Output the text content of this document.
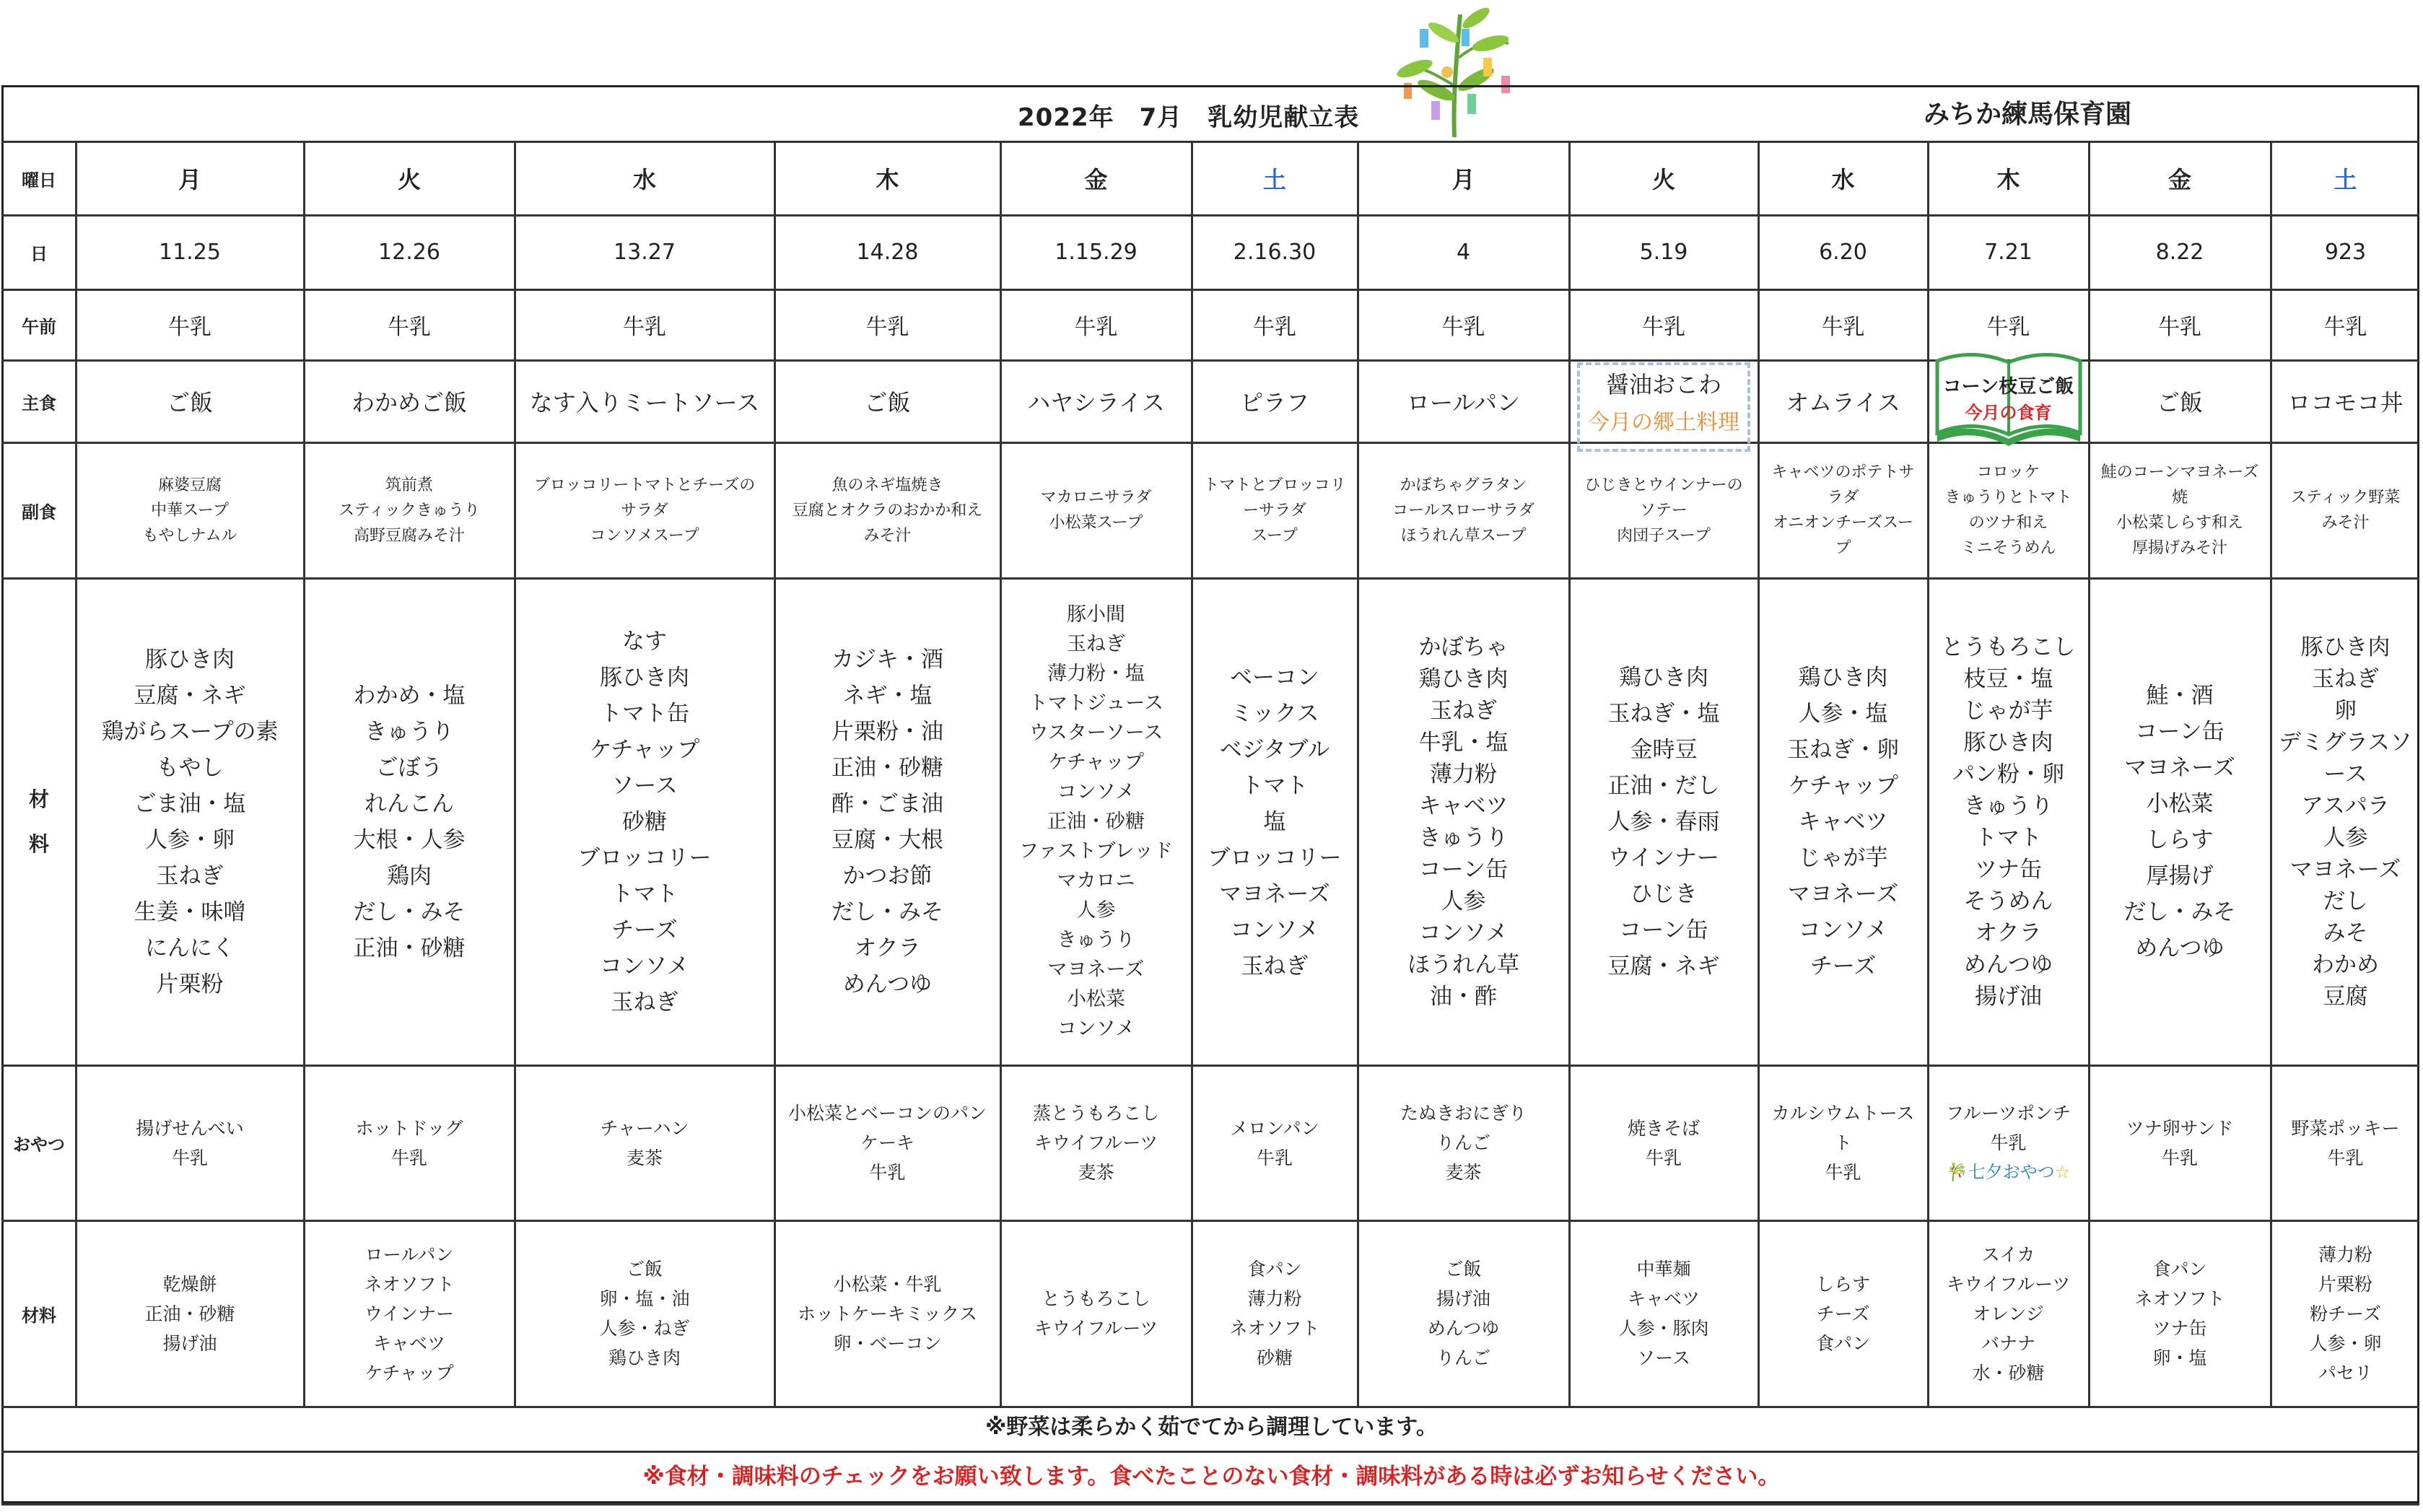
2022年　7月　乳幼児献立表	みちか練馬保育園
曜日
日
午前
主食
副食
おやつ
材料
材
料
月
11.25
牛乳
ご飯
麻婆豆腐
中華スープ
もやしナムル
豚ひき肉
豆腐・ネギ
鶏がらスープの素
もやし
ごま油・塩
人参・卵
玉ねぎ
生姜・味噌
にんにく
片栗粉
揚げせんべい
牛乳
乾燥餅
正油・砂糖
揚げ油
火
12.26
牛乳
わかめご飯
筑前煮
スティックきゅうり
高野豆腐みそ汁
わかめ・塩
きゅうり
ごぼう
れんこん
大根・人参
鶏肉
だし・みそ
正油・砂糖
ホットドッグ
牛乳
ロールパン
ネオソフト
ウインナー
キャベツ
ケチャップ
水
13.27
牛乳
なす入りミートソース
ブロッコリートマトとチーズの
サラダ
コンソメスープ
なす
豚ひき肉
トマト缶
ケチャップ
ソース
砂糖
ブロッコリー
トマト
チーズ
コンソメ
玉ねぎ
チャーハン
麦茶
ご飯
卵・塩・油
人参・ねぎ
鶏ひき肉
木
14.28
牛乳
ご飯
魚のネギ塩焼き
豆腐とオクラのおかか和え
みそ汁
カジキ・酒
ネギ・塩
片栗粉・油
正油・砂糖
酢・ごま油
豆腐・大根
かつお節
だし・みそ
オクラ
めんつゆ
小松菜とベーコンのパン
ケーキ
牛乳
小松菜・牛乳
ホットケーキミックス
卵・ベーコン
金
1.15.29
牛乳
ハヤシライス
マカロニサラダ
小松菜スープ
豚小間
玉ねぎ
薄力粉・塩
トマトジュース
ウスターソース
ケチャップ
コンソメ
正油・砂糖
ファストブレッド
マカロニ
人参
きゅうり
マヨネーズ
小松菜
コンソメ
蒸とうもろこし
キウイフルーツ
麦茶
とうもろこし
キウイフルーツ
土
2.16.30
牛乳
ピラフ
トマトとブロッコリ
ーサラダ
スープ
ベーコン
ミックス
ベジタブル
トマト
塩
ブロッコリー
マヨネーズ
コンソメ
玉ねぎ
メロンパン
牛乳
食パン
薄力粉
ネオソフト
砂糖
月
4
牛乳
ロールパン
かぼちゃグラタン
コールスローサラダ
ほうれん草スープ
かぼちゃ
鶏ひき肉
玉ねぎ
牛乳・塩
薄力粉
キャベツ
きゅうり
コーン缶
人参
コンソメ
ほうれん草
油・酢
たぬきおにぎり
りんご
麦茶
ご飯
揚げ油
めんつゆ
りんご
火
5.19
牛乳
醤油おこわ
今月の郷土料理
ひじきとウインナーの
ソテー
肉団子スープ
鶏ひき肉
玉ねぎ・塩
金時豆
正油・だし
人参・春雨
ウインナー
ひじき
コーン缶
豆腐・ネギ
焼きそば
牛乳
中華麺
キャベツ
人参・豚肉
ソース
水
6.20
牛乳
オムライス
キャベツのポテトサ
ラダ
オニオンチーズスー
プ
鶏ひき肉
人参・塩
玉ねぎ・卵
ケチャップ
キャベツ
じゃが芋
マヨネーズ
コンソメ
チーズ
カルシウムトース
ト
牛乳
しらす
チーズ
食パン
木
7.21
牛乳
コーン枝豆ご飯
今月の食育
コロッケ
きゅうりとトマト
のツナ和え
ミニそうめん
とうもろこし
枝豆・塩
じゃが芋
豚ひき肉
パン粉・卵
きゅうり
トマト
ツナ缶
そうめん
オクラ
めんつゆ
揚げ油
フルーツポンチ
牛乳
🎋七夕おやつ☆
スイカ
キウイフルーツ
オレンジ
バナナ
水・砂糖
金
8.22
牛乳
ご飯
鮭のコーンマヨネーズ
焼
小松菜しらす和え
厚揚げみそ汁
鮭・酒
コーン缶
マヨネーズ
小松菜
しらす
厚揚げ
だし・みそ
めんつゆ
ツナ卵サンド
牛乳
食パン
ネオソフト
ツナ缶
卵・塩
土
923
牛乳
ロコモコ丼
スティック野菜
みそ汁
豚ひき肉
玉ねぎ
卵
デミグラスソ
ース
アスパラ
人参
マヨネーズ
だし
みそ
わかめ
豆腐
野菜ポッキー
牛乳
薄力粉
片栗粉
粉チーズ
人参・卵
パセリ
※野菜は柔らかく茹でてから調理しています。
※食材・調味料のチェックをお願い致します。食べたことのない食材・調味料がある時は必ずお知らせください。
